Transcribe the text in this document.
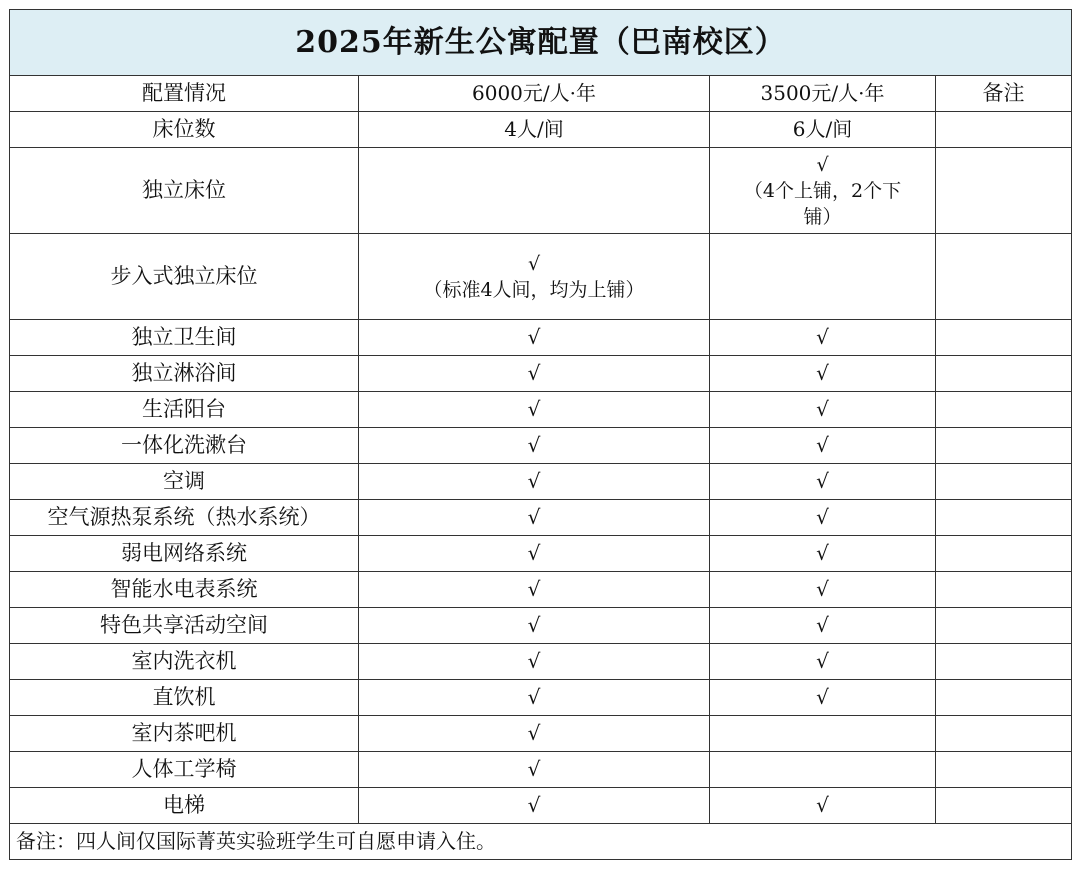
2025年新生公寓配置（巴南校区）			
配置情况	6000元/人·年	3500元/人·年	备注
床位数	4人/间	6人/间	
独立床位		√
（4个上铺，2个下铺）	

步入式独立床位	√
（标准4人间，均为上铺）		

独立卫生间	√	√	
独立淋浴间	√	√	
生活阳台	√	√	
一体化洗漱台	√	√	
空调	√	√	
空气源热泵系统（热水系统）	√	√	
弱电网络系统	√	√	
智能水电表系统	√	√	
特色共享活动空间	√	√	
室内洗衣机	√	√	
直饮机	√	√	
室内茶吧机	√		
人体工学椅	√		
电梯	√	√	
备注：四人间仅国际菁英实验班学生可自愿申请入住。			
